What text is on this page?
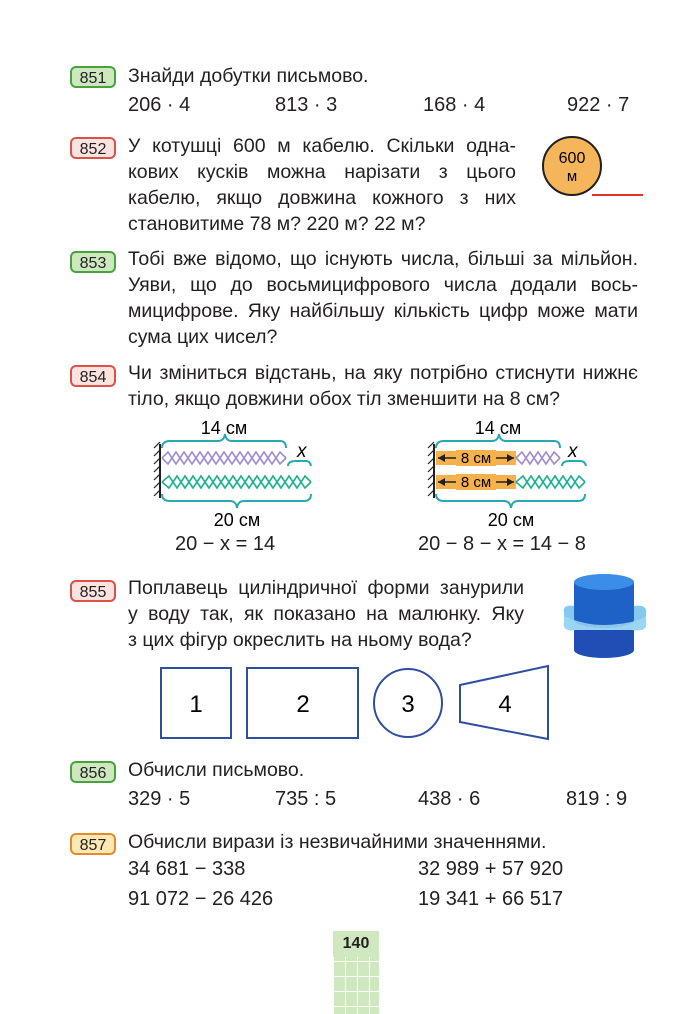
851	Знайди добутки письмово.
206 · 4	813 · 3	168 · 4	922 · 7
852	У котушці 600 м кабелю. Скільки одна-
кових кусків можна нарізати з цього
кабелю, якщо довжина кожного з них
становитиме 78 м? 220 м? 22 м?
600
м
853	Тобі вже відомо, що існують числа, більші за мільйон.
Уяви, що до восьмицифрового числа додали вось-
мицифрове. Яку найбільшу кількість цифр може мати
сума цих чисел?
854	Чи зміниться відстань, на яку потрібно стиснути нижнє
тіло, якщо довжини обох тіл зменшити на 8 см?
14 см
x
20 см
20 − x = 14
14 см
x
8 см
8 см
20 см
20 − 8 − x = 14 − 8
855	Поплавець циліндричної форми занурили
у воду так, як показано на малюнку. Яку
з цих фігур окреслить на ньому вода?
1	2	3	4
856	Обчисли письмово.
329 · 5	735 : 5	438 · 6	819 : 9
857	Обчисли вирази із незвичайними значеннями.
34 681 − 338	32 989 + 57 920
91 072 − 26 426	19 341 + 66 517
140
